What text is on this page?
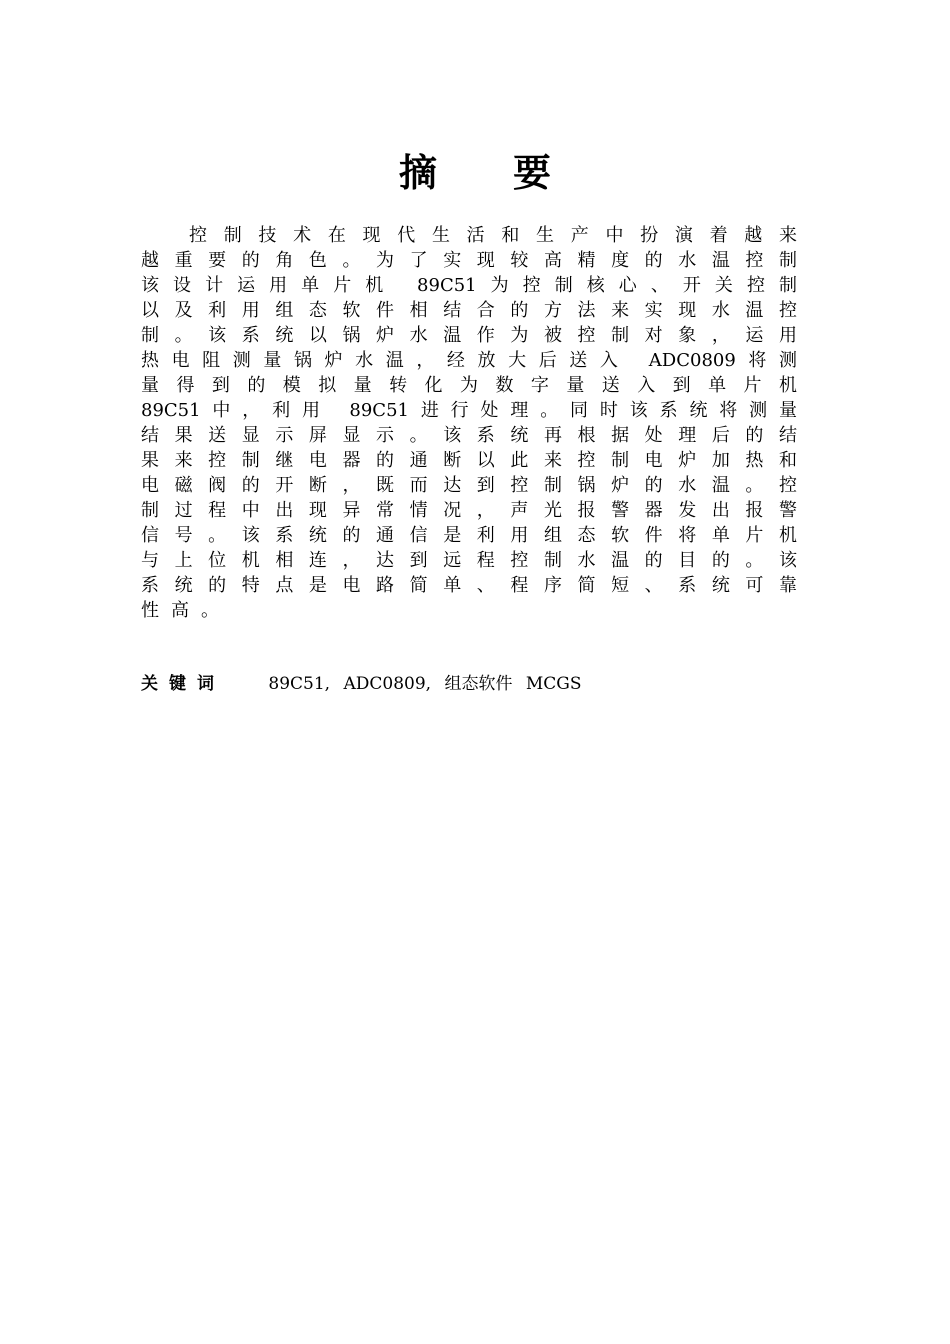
摘要
控制技术在现代生活和生产中扮演着越来
越重要的角色。为了实现较高精度的水温控制
该设计运用单片机 89C51为控制核心、开关控制
以及利用组态软件相结合的方法来实现水温控
制。该系统以锅炉水温作为被控制对象，运用
热电阻测量锅炉水温，经放大后送入 ADC0809将测
量得到的模拟量转化为数字量送入到单片机
89C51中，利用 89C51进行处理。同时该系统将测量
结果送显示屏显示。该系统再根据处理后的结
果来控制继电器的通断以此来控制电炉加热和
电磁阀的开断，既而达到控制锅炉的水温。控
制过程中出现异常情况，声光报警器发出报警
信号。该系统的通信是利用组态软件将单片机
与上位机相连，达到远程控制水温的目的。该
系统的特点是电路简单、程序简短、系统可靠
性高。
关键词	89C51, ADC0809, 组态软件 MCGS
